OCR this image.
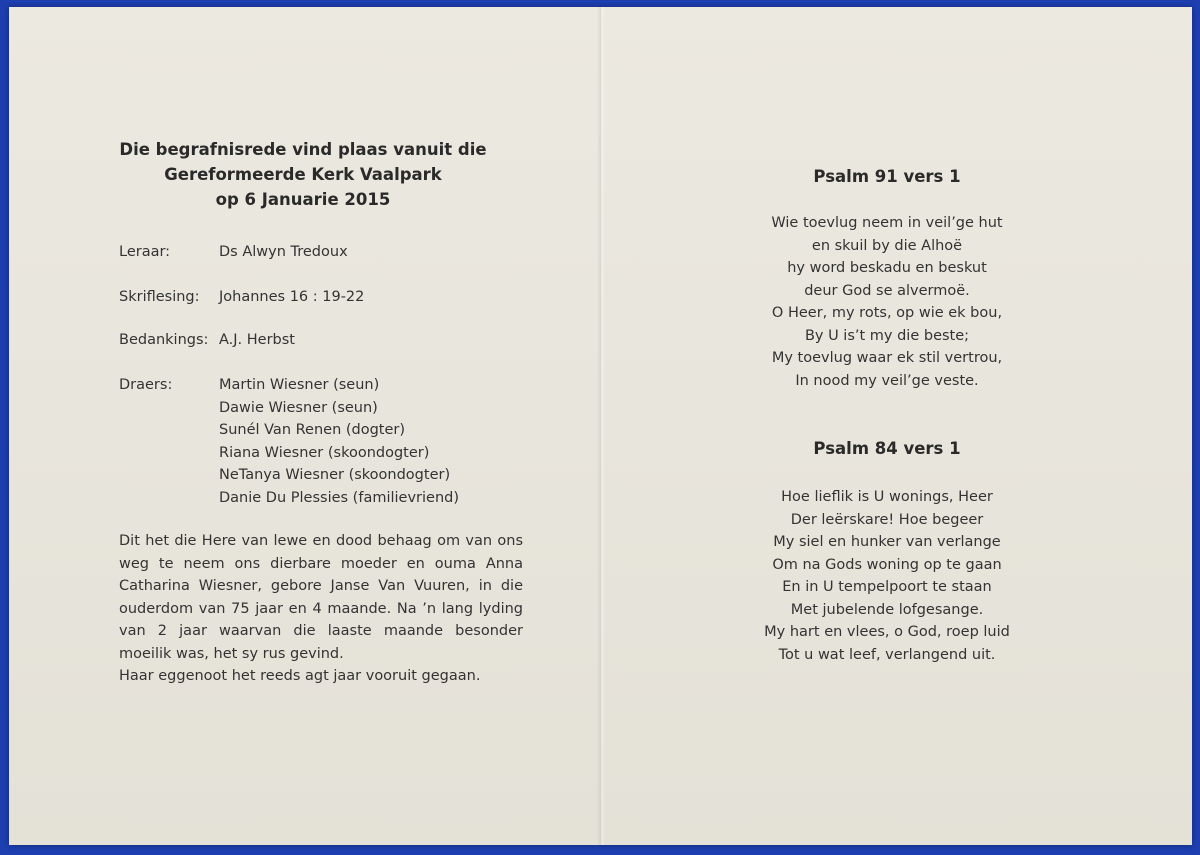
Die begrafnisrede vind plaas vanuit die
Gereformeerde Kerk Vaalpark
op 6 Januarie 2015
Leraar:	Ds Alwyn Tredoux
Skriflesing:	Johannes 16 : 19-22
Bedankings: A.J. Herbst
Draers:	Martin Wiesner (seun)
Dawie Wiesner (seun)
Sunél Van Renen (dogter)
Riana Wiesner (skoondogter)
NeTanya Wiesner (skoondogter)
Danie Du Plessies (familievriend)
Dit het die Here van lewe en dood behaag om van ons
weg te neem ons dierbare moeder en ouma Anna
Catharina Wiesner, gebore Janse Van Vuuren, in die
ouderdom van 75 jaar en 4 maande. Na ’n lang lyding
van 2 jaar waarvan die laaste maande besonder
moeilik was, het sy rus gevind.
Haar eggenoot het reeds agt jaar vooruit gegaan.
Psalm 91 vers 1
Wie toevlug neem in veil’ge hut
en skuil by die Alhoë
hy word beskadu en beskut
deur God se alvermoë.
O Heer, my rots, op wie ek bou,
By U is’t my die beste;
My toevlug waar ek stil vertrou,
In nood my veil’ge veste.
Psalm 84 vers 1
Hoe lieflik is U wonings, Heer
Der leërskare! Hoe begeer
My siel en hunker van verlange
Om na Gods woning op te gaan
En in U tempelpoort te staan
Met jubelende lofgesange.
My hart en vlees, o God, roep luid
Tot u wat leef, verlangend uit.
